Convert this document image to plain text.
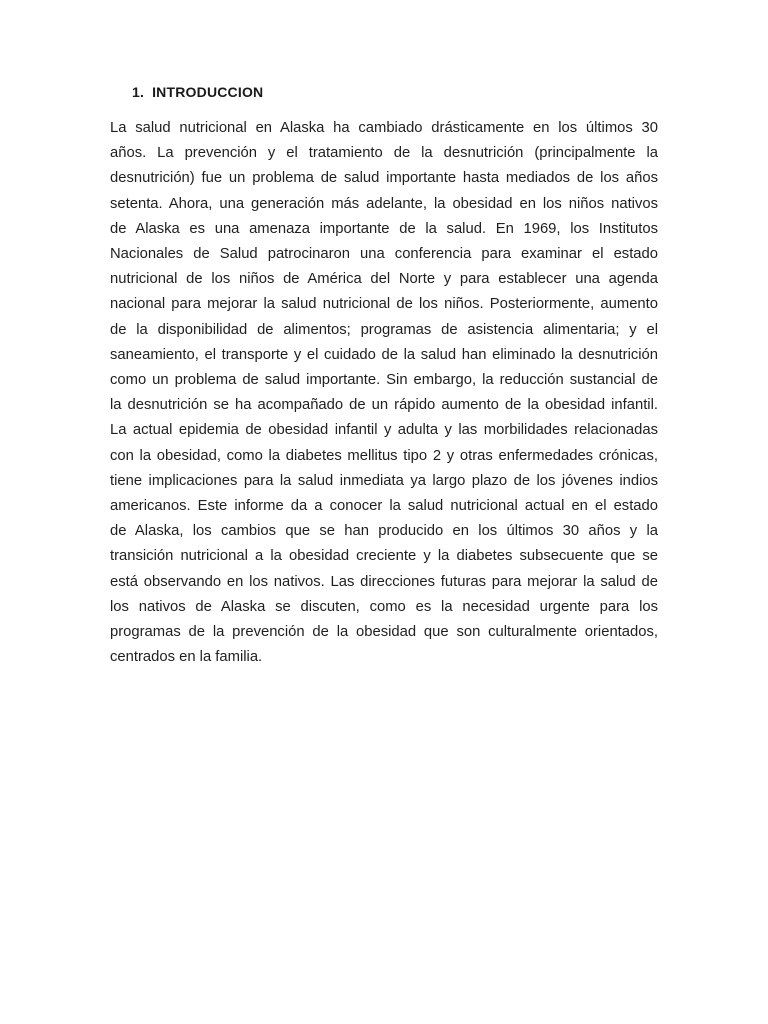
1. INTRODUCCION
La salud nutricional en Alaska ha cambiado drásticamente en los últimos 30
años. La prevención y el tratamiento de la desnutrición (principalmente la
desnutrición) fue un problema de salud importante hasta mediados de los años
setenta. Ahora, una generación más adelante, la obesidad en los niños nativos
de Alaska es una amenaza importante de la salud. En 1969, los Institutos
Nacionales de Salud patrocinaron una conferencia para examinar el estado
nutricional de los niños de América del Norte y para establecer una agenda
nacional para mejorar la salud nutricional de los niños. Posteriormente, aumento
de la disponibilidad de alimentos; programas de asistencia alimentaria; y el
saneamiento, el transporte y el cuidado de la salud han eliminado la desnutrición
como un problema de salud importante. Sin embargo, la reducción sustancial de
la desnutrición se ha acompañado de un rápido aumento de la obesidad infantil.
La actual epidemia de obesidad infantil y adulta y las morbilidades relacionadas
con la obesidad, como la diabetes mellitus tipo 2 y otras enfermedades crónicas,
tiene implicaciones para la salud inmediata ya largo plazo de los jóvenes indios
americanos. Este informe da a conocer la salud nutricional actual en el estado
de Alaska, los cambios que se han producido en los últimos 30 años y la
transición nutricional a la obesidad creciente y la diabetes subsecuente que se
está observando en los nativos. Las direcciones futuras para mejorar la salud de
los nativos de Alaska se discuten, como es la necesidad urgente para los
programas de la prevención de la obesidad que son culturalmente orientados,
centrados en la familia.
